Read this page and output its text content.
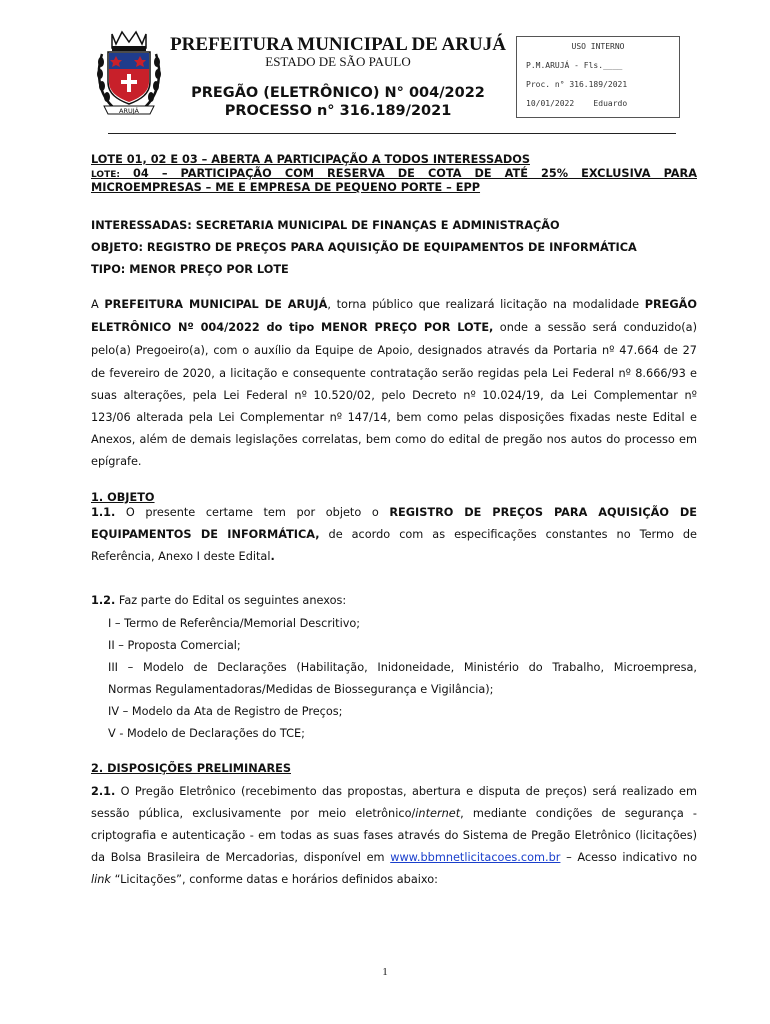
ARUJÁ
PREFEITURA MUNICIPAL DE ARUJÁ
ESTADO DE SÃO PAULO
PREGÃO (ELETRÔNICO) N° 004/2022
PROCESSO n° 316.189/2021
USO INTERNO
P.M.ARUJÁ - Fls.____
Proc. n° 316.189/2021
10/01/2022    Eduardo
LOTE 01, 02 E 03 – ABERTA A PARTICIPAÇÃO A TODOS INTERESSADOS
LOTE: 04 – PARTICIPAÇÃO COM RESERVA DE COTA DE ATÉ 25% EXCLUSIVA PARA
MICROEMPRESAS – ME E EMPRESA DE PEQUENO PORTE – EPP
INTERESSADAS: SECRETARIA MUNICIPAL DE FINANÇAS E ADMINISTRAÇÃO
OBJETO: REGISTRO DE PREÇOS PARA AQUISIÇÃO DE EQUIPAMENTOS DE INFORMÁTICA
TIPO: MENOR PREÇO POR LOTE
A PREFEITURA MUNICIPAL DE ARUJÁ, torna público que realizará licitação na modalidade PREGÃO
ELETRÔNICO Nº 004/2022 do tipo MENOR PREÇO POR LOTE, onde a sessão será conduzido(a)
pelo(a) Pregoeiro(a), com o auxílio da Equipe de Apoio, designados através da Portaria nº 47.664 de 27
de fevereiro de 2020, a licitação e consequente contratação serão regidas pela Lei Federal nº 8.666/93 e
suas alterações, pela Lei Federal nº 10.520/02, pelo Decreto nº 10.024/19, da Lei Complementar nº
123/06 alterada pela Lei Complementar nº 147/14, bem como pelas disposições fixadas neste Edital e
Anexos, além de demais legislações correlatas, bem como do edital de pregão nos autos do processo em
epígrafe.
1. OBJETO
1.1. O presente certame tem por objeto o REGISTRO DE PREÇOS PARA AQUISIÇÃO DE
EQUIPAMENTOS DE INFORMÁTICA, de acordo com as especificações constantes no Termo de
Referência, Anexo I deste Edital.
1.2. Faz parte do Edital os seguintes anexos:
I – Termo de Referência/Memorial Descritivo;
II – Proposta Comercial;
III – Modelo de Declarações (Habilitação, Inidoneidade, Ministério do Trabalho, Microempresa,
Normas Regulamentadoras/Medidas de Biossegurança e Vigilância);
IV – Modelo da Ata de Registro de Preços;
V - Modelo de Declarações do TCE;
2. DISPOSIÇÕES PRELIMINARES
2.1. O Pregão Eletrônico (recebimento das propostas, abertura e disputa de preços) será realizado em
sessão pública, exclusivamente por meio eletrônico/internet, mediante condições de segurança -
criptografia e autenticação - em todas as suas fases através do Sistema de Pregão Eletrônico (licitações)
da Bolsa Brasileira de Mercadorias, disponível em www.bbmnetlicitacoes.com.br – Acesso indicativo no
link “Licitações”, conforme datas e horários definidos abaixo:
1
